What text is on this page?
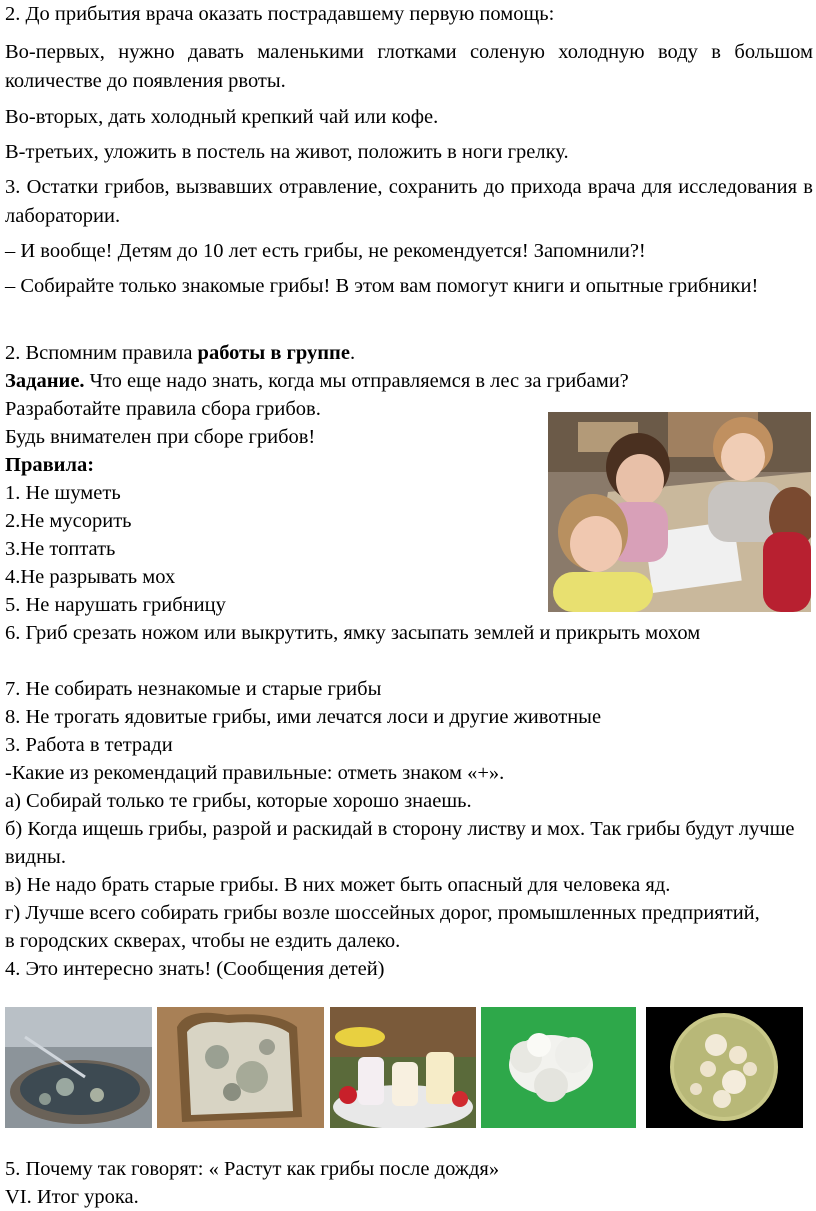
2. До прибытия врача оказать пострадавшему первую помощь:
Во-первых, нужно давать маленькими глотками соленую холодную воду в большом количестве до появления рвоты.
Во-вторых, дать холодный крепкий чай или кофе.
В-третьих, уложить в постель на живот, положить в ноги грелку.
3. Остатки грибов, вызвавших отравление, сохранить до прихода врача для исследования в лаборатории.
– И вообще! Детям до 10 лет есть грибы, не рекомендуется! Запомнили?!
– Собирайте только знакомые грибы! В этом вам помогут книги и опытные грибники!
2. Вспомним правила работы в группе.
Задание. Что еще надо знать, когда мы отправляемся в лес за грибами?
Разработайте правила сбора грибов.
Будь внимателен при сборе грибов!
Правила:
1. Не шуметь
2.Не мусорить
3.Не топтать
4.Не разрывать мох
5. Не нарушать грибницу
6. Гриб срезать ножом или выкрутить, ямку засыпать землей и прикрыть мохом
7. Не собирать незнакомые и старые грибы
8. Не трогать ядовитые грибы, ими лечатся лоси и другие животные
3. Работа в тетради
-Какие из рекомендаций правильные: отметь знаком «+».
а) Собирай только те грибы, которые хорошо знаешь.
б) Когда ищешь грибы, разрой и раскидай в сторону листву и мох. Так грибы будут лучше видны.
в) Не надо брать старые грибы. В них может быть опасный для человека яд.
г) Лучше всего собирать грибы возле шоссейных дорог, промышленных предприятий, в городских скверах, чтобы не ездить далеко.
4. Это интересно знать! (Сообщения детей)
5. Почему так говорят: « Растут как грибы после дождя»
VI. Итог урока.
